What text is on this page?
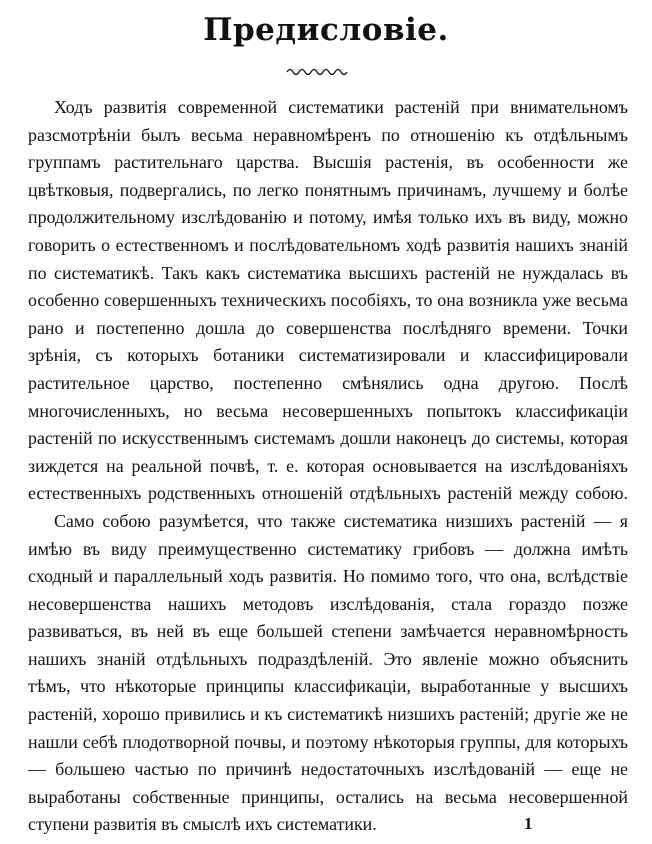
Предисловіе.

Ходъ развитія современной систематики растеній при внимательномъ разсмотрѣніи былъ весьма неравномѣренъ по отношенію къ отдѣльнымъ группамъ растительнаго царства. Высшія растенія, въ особенности же цвѣтковыя, подвергались, по легко понятнымъ причинамъ, лучшему и болѣе продолжительному изслѣдованію и потому, имѣя только ихъ въ виду, можно говорить о естественномъ и послѣдовательномъ ходѣ развитія нашихъ знаній по систематикѣ. Такъ какъ систематика высшихъ растеній не нуждалась въ особенно совершенныхъ техническихъ пособіяхъ, то она возникла уже весьма рано и постепенно дошла до совершенства послѣдняго времени. Точки зрѣнія, съ которыхъ ботаники систематизировали и классифицировали растительное царство, постепенно смѣнялись одна другою. Послѣ многочисленныхъ, но весьма несовершенныхъ попытокъ классификаціи растеній по искусственнымъ системамъ дошли наконецъ до системы, которая зиждется на реальной почвѣ, т. е. которая основывается на изслѣдованіяхъ естественныхъ родственныхъ отношеній отдѣльныхъ растеній между собою.

Само собою разумѣется, что также систематика низшихъ растеній — я имѣю въ виду преимущественно систематику грибовъ — должна имѣть сходный и параллельный ходъ развитія. Но помимо того, что она, вслѣдствіе несовершенства нашихъ методовъ изслѣдованія, стала гораздо позже развиваться, въ ней въ еще большей степени замѣчается неравномѣрность нашихъ знаній отдѣльныхъ подраздѣленій. Это явленіе можно объяснить тѣмъ, что нѣкоторые принципы классификаціи, выработанные у высшихъ растеній, хорошо привились и къ систематикѣ низшихъ растеній; другіе же не нашли себѣ плодотворной почвы, и поэтому нѣкоторыя группы, для которыхъ — большею частью по причинѣ недостаточныхъ изслѣдованій — еще не выработаны собственные принципы, остались на весьма несовершенной ступени развитія въ смыслѣ ихъ систематики.	1
